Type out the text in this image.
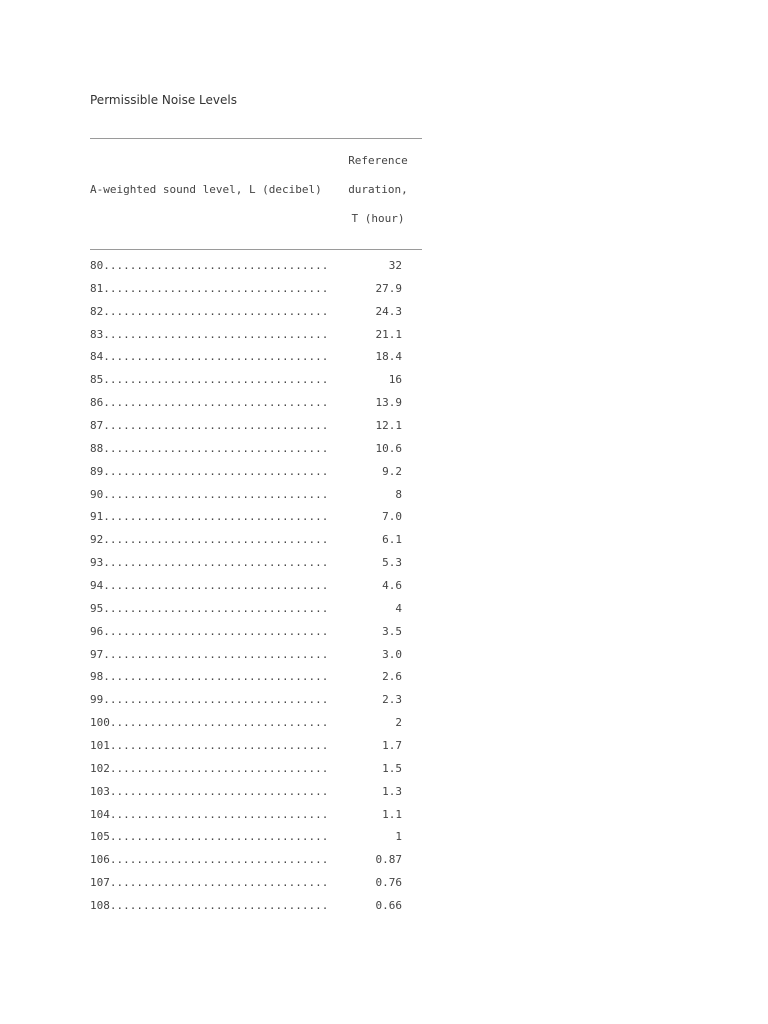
Permissible Noise Levels
A-weighted sound level, L (decibel)
Reference
duration,
T (hour)
80..................................	32
81..................................	27.9
82..................................	24.3
83..................................	21.1
84..................................	18.4
85..................................	16
86..................................	13.9
87..................................	12.1
88..................................	10.6
89..................................	9.2
90..................................	8
91..................................	7.0
92..................................	6.1
93..................................	5.3
94..................................	4.6
95..................................	4
96..................................	3.5
97..................................	3.0
98..................................	2.6
99..................................	2.3
100.................................	2
101.................................	1.7
102.................................	1.5
103.................................	1.3
104.................................	1.1
105.................................	1
106.................................	0.87
107.................................	0.76
108.................................	0.66
